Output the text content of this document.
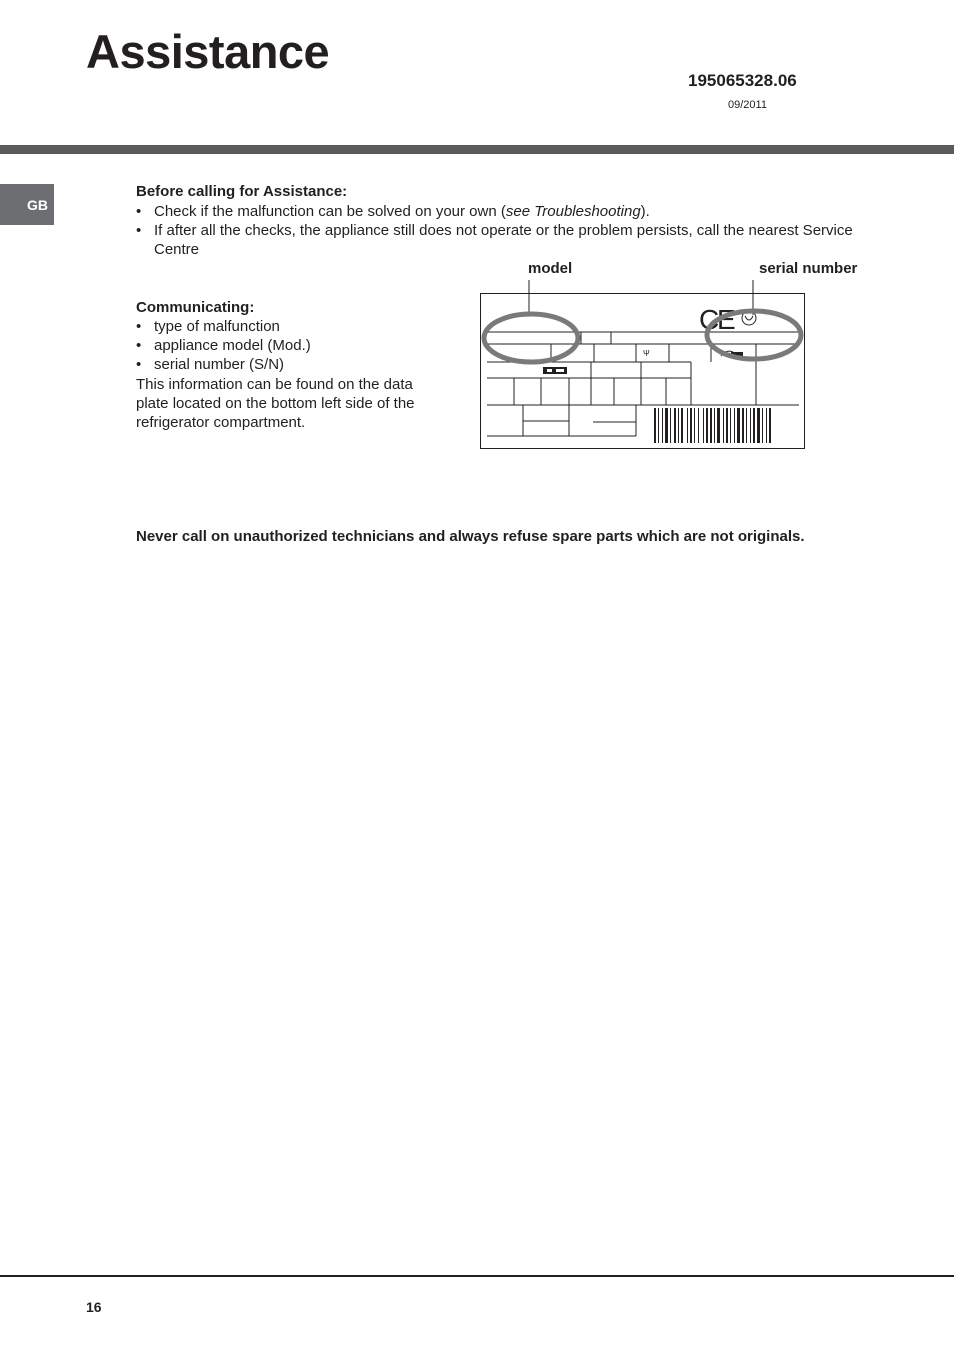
Assistance
195065328.06
09/2011
GB
Before calling for Assistance:
• Check if the malfunction can be solved on your own (see Troubleshooting).
• If after all the checks, the appliance still does not operate or the problem persists, call the nearest Service
Centre
Communicating:
• type of malfunction
• appliance model (Mod.)
• serial number (S/N)
This information can be found on the data
plate located on the bottom left side of the
refrigerator compartment.
model	serial number
Ψ
C
E
Never call on unauthorized technicians and always refuse spare parts which are not originals.
16
